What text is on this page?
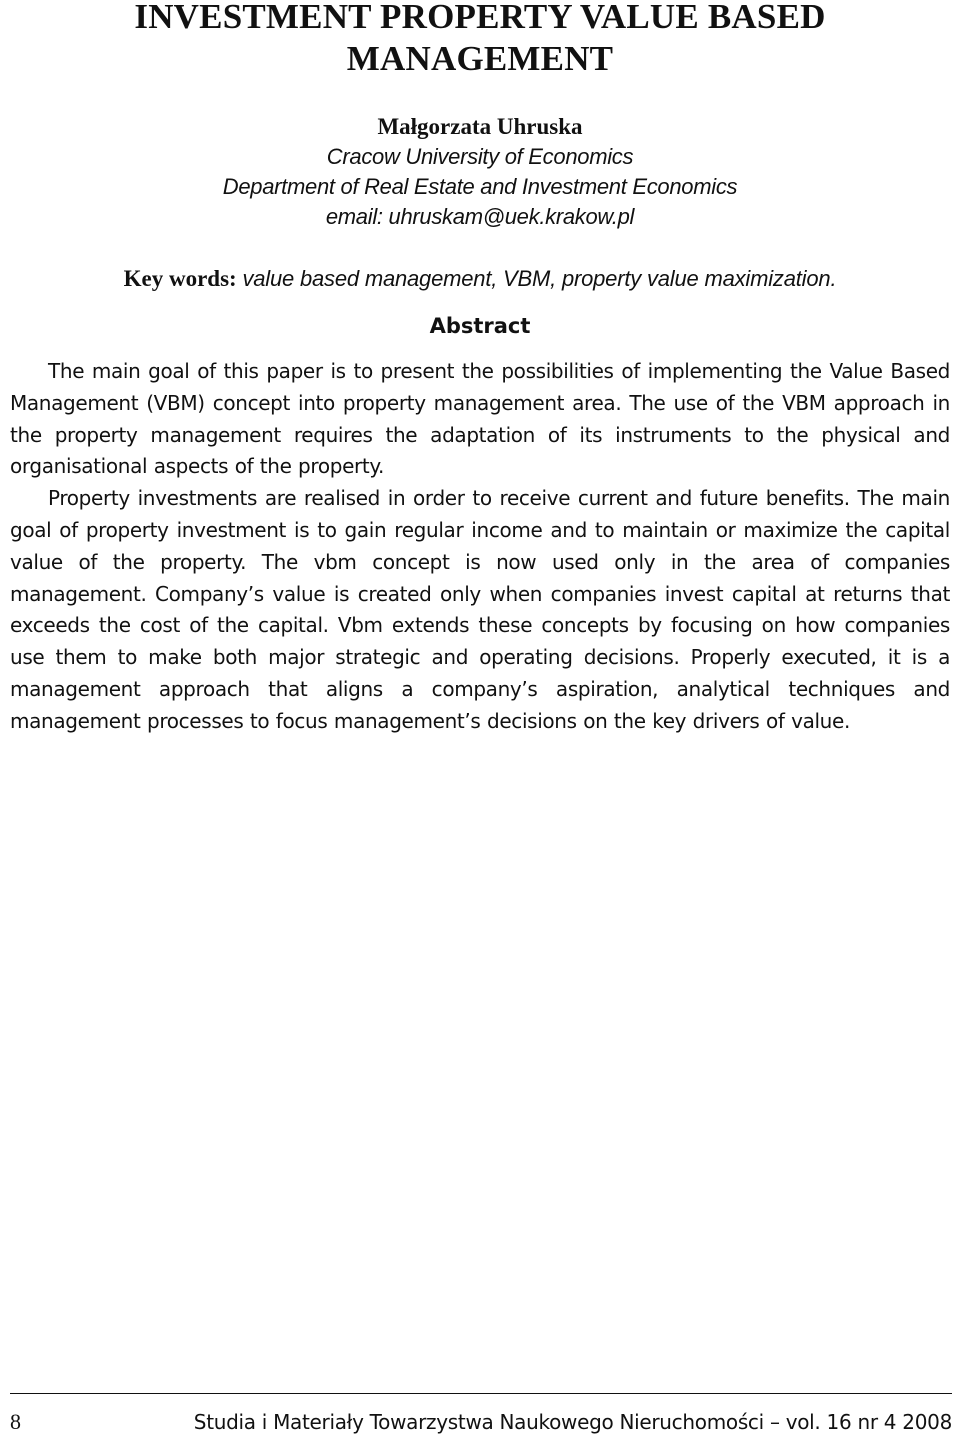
INVESTMENT PROPERTY VALUE BASED MANAGEMENT
Małgorzata Uhruska
Cracow University of Economics
Department of Real Estate and Investment Economics
email: uhruskam@uek.krakow.pl
Key words: value based management, VBM, property value maximization.
Abstract

The main goal of this paper is to present the possibilities of implementing the Value Based Management (VBM) concept into property management area. The use of the VBM approach in the property management requires the adaptation of its instruments to the physical and organisational aspects of the property.

Property investments are realised in order to receive current and future benefits. The main goal of property investment is to gain regular income and to maintain or maximize the capital value of the property. The vbm concept is now used only in the area of companies management. Company’s value is created only when companies invest capital at returns that exceeds the cost of the capital. Vbm extends these concepts by focusing on how companies use them to make both major strategic and operating decisions. Properly executed, it is a management approach that aligns a company’s aspiration, analytical techniques and management processes to focus management’s decisions on the key drivers of value.

8	Studia i Materiały Towarzystwa Naukowego Nieruchomości – vol. 16 nr 4 2008
